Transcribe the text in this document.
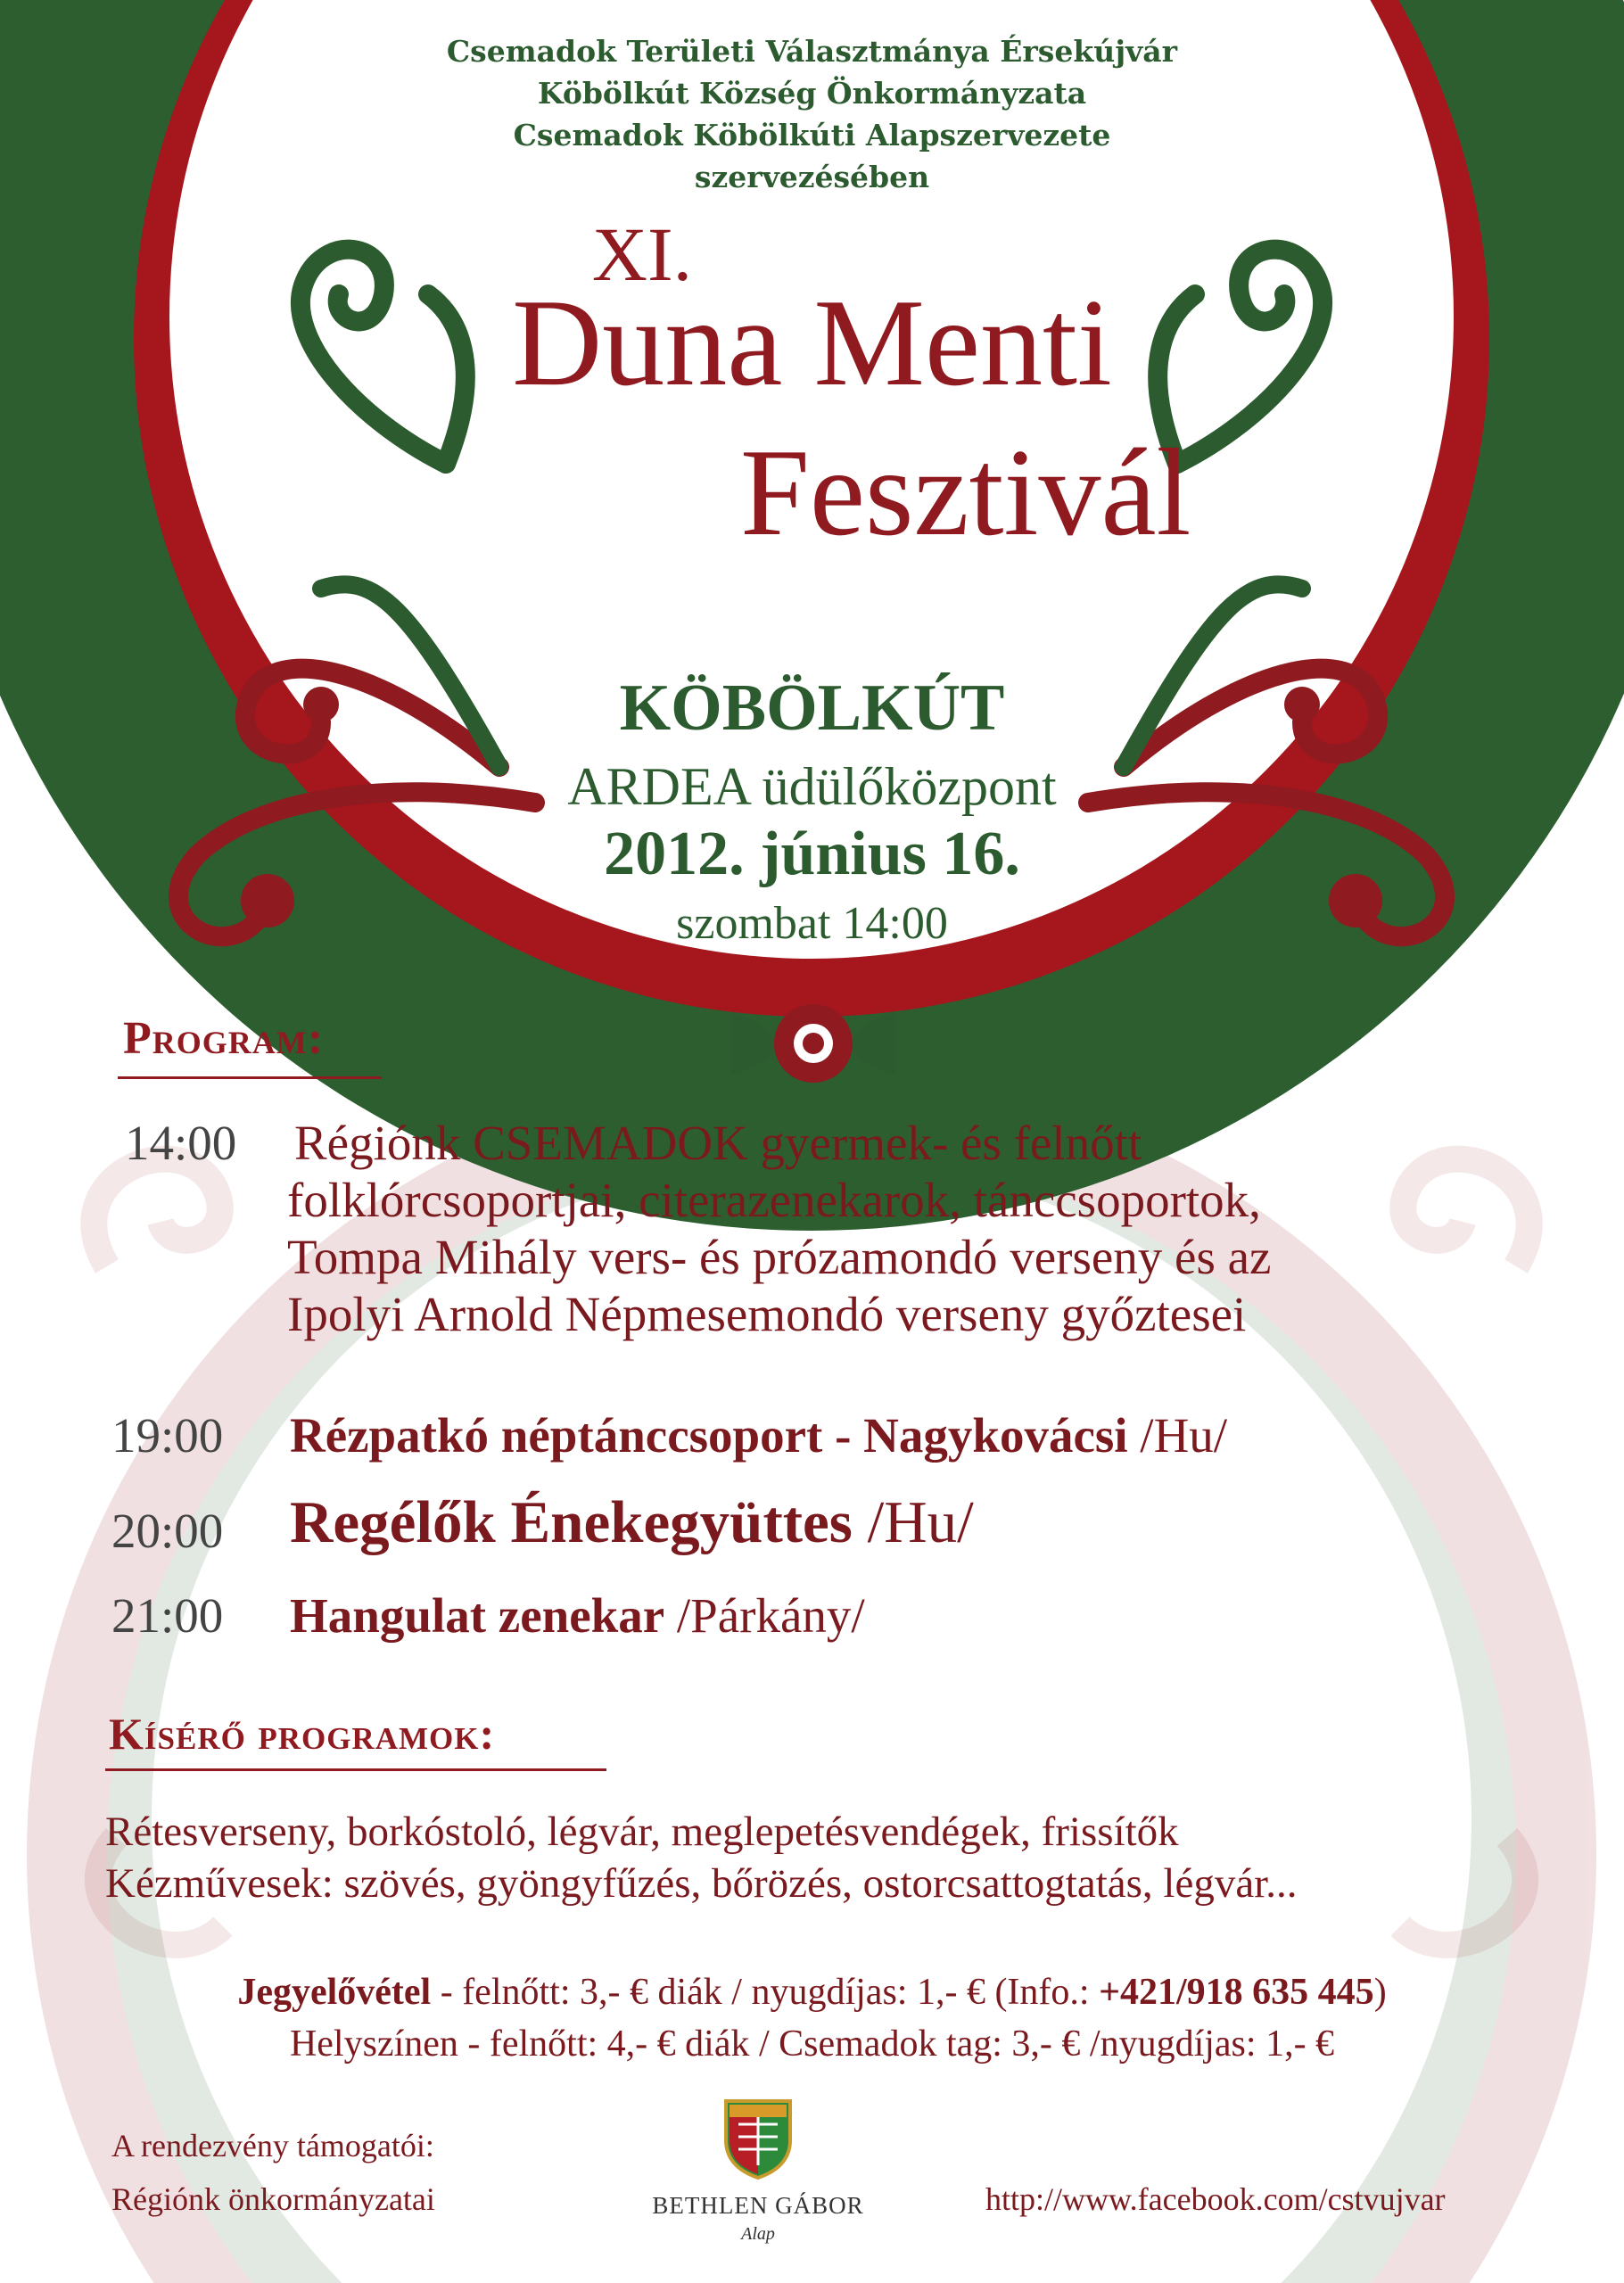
Csemadok Területi Választmánya Érsekújvár
Köbölkút Község Önkormányzata
Csemadok Köbölkúti Alapszervezete
szervezésében
XI.
Duna Menti
Fesztivál
KÖBÖLKÚT
ARDEA üdülőközpont
2012. június 16.
szombat 14:00
Program:
14:00 Régiónk CSEMADOK gyermek- és felnőtt
folklórcsoportjai, citerazenekarok, tánccsoportok,
Tompa Mihály vers- és prózamondó verseny és az
Ipolyi Arnold Népmesemondó verseny győztesei
19:00 Rézpatkó néptánccsoport - Nagykovácsi /Hu/
20:00 Regélők Énekegyüttes /Hu/
21:00 Hangulat zenekar /Párkány/
Kísérő programok:
Rétesverseny, borkóstoló, légvár, meglepetésvendégek, frissítők
Kézművesek: szövés, gyöngyfűzés, bőrözés, ostorcsattogtatás, légvár...
Jegyelővétel - felnőtt: 3,- € diák / nyugdíjas: 1,- € (Info.: +421/918 635 445)
Helyszínen - felnőtt: 4,- € diák / Csemadok tag: 3,- € /nyugdíjas: 1,- €
A rendezvény támogatói:
Régiónk önkormányzatai	BETHLEN GÁBOR
Alap
http://www.facebook.com/cstvujvar
